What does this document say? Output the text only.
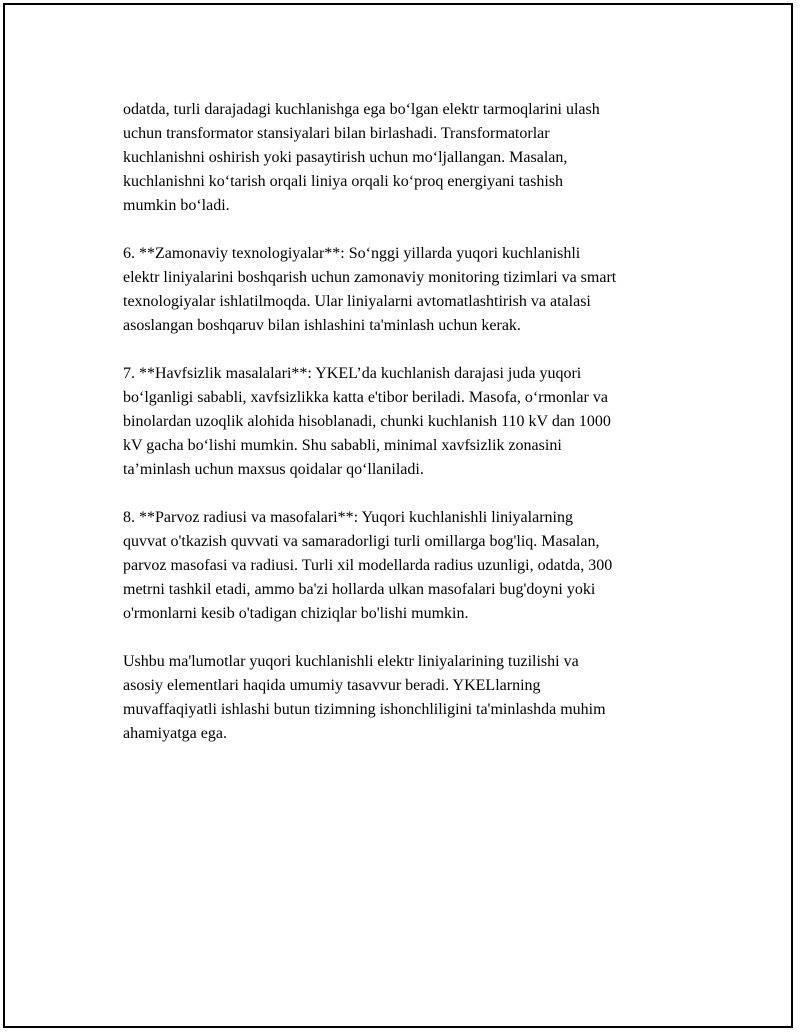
odatda, turli darajadagi kuchlanishga ega bo‘lgan elektr tarmoqlarini ulash
uchun transformator stansiyalari bilan birlashadi. Transformatorlar
kuchlanishni oshirish yoki pasaytirish uchun mo‘ljallangan. Masalan,
kuchlanishni ko‘tarish orqali liniya orqali ko‘proq energiyani tashish
mumkin bo‘ladi.

6. **Zamonaviy texnologiyalar**: So‘nggi yillarda yuqori kuchlanishli
elektr liniyalarini boshqarish uchun zamonaviy monitoring tizimlari va smart
texnologiyalar ishlatilmoqda. Ular liniyalarni avtomatlashtirish va atalasi
asoslangan boshqaruv bilan ishlashini ta'minlash uchun kerak.

7. **Havfsizlik masalalari**: YKEL’da kuchlanish darajasi juda yuqori
bo‘lganligi sababli, xavfsizlikka katta e'tibor beriladi. Masofa, o‘rmonlar va
binolardan uzoqlik alohida hisoblanadi, chunki kuchlanish 110 kV dan 1000
kV gacha bo‘lishi mumkin. Shu sababli, minimal xavfsizlik zonasini
ta’minlash uchun maxsus qoidalar qo‘llaniladi.

8. **Parvoz radiusi va masofalari**: Yuqori kuchlanishli liniyalarning
quvvat o'tkazish quvvati va samaradorligi turli omillarga bog'liq. Masalan,
parvoz masofasi va radiusi. Turli xil modellarda radius uzunligi, odatda, 300
metrni tashkil etadi, ammo ba'zi hollarda ulkan masofalari bug'doyni yoki
o'rmonlarni kesib o'tadigan chiziqlar bo'lishi mumkin.

Ushbu ma'lumotlar yuqori kuchlanishli elektr liniyalarining tuzilishi va
asosiy elementlari haqida umumiy tasavvur beradi. YKELlarning
muvaffaqiyatli ishlashi butun tizimning ishonchliligini ta'minlashda muhim
ahamiyatga ega.
